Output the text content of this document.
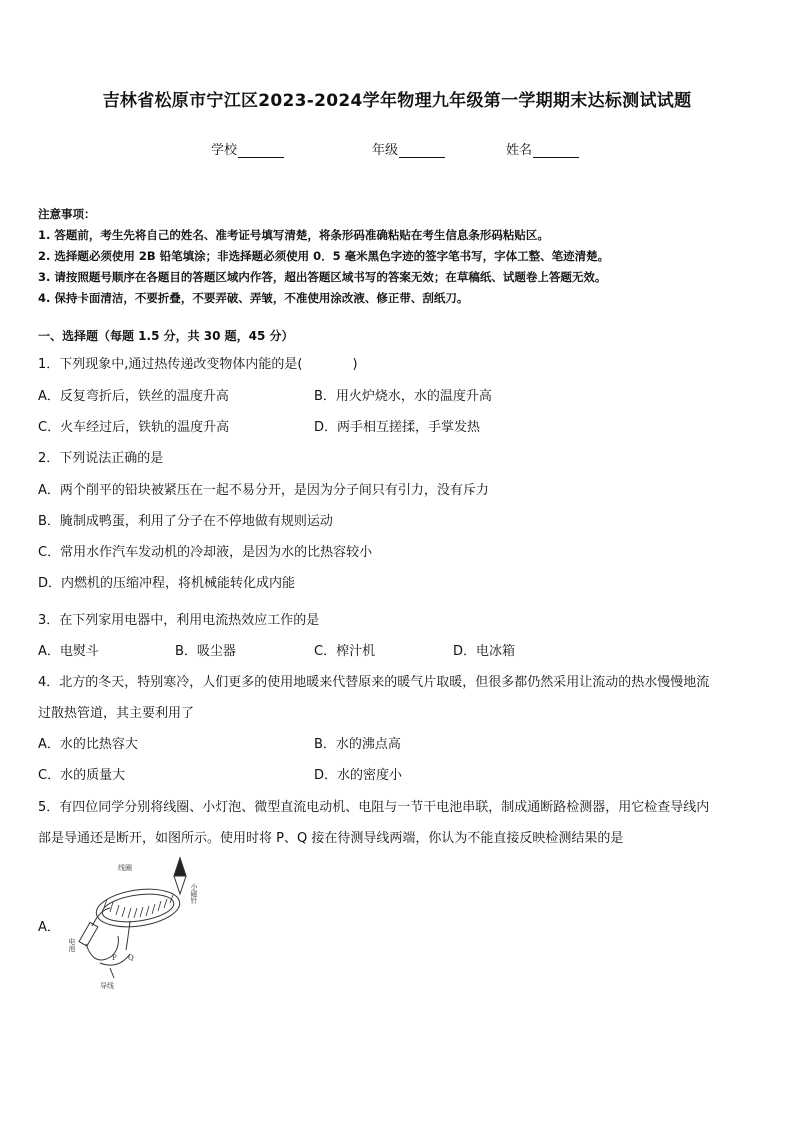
吉林省松原市宁江区2023-2024学年物理九年级第一学期期末达标测试试题
学校	年级	姓名
注意事项：
1. 答题前，考生先将自己的姓名、准考证号填写清楚，将条形码准确粘贴在考生信息条形码粘贴区。
2. 选择题必须使用 2B 铅笔填涂；非选择题必须使用 0．5 毫米黑色字迹的签字笔书写，字体工整、笔迹清楚。
3. 请按照题号顺序在各题目的答题区域内作答，超出答题区域书写的答案无效；在草稿纸、试题卷上答题无效。
4. 保持卡面清洁，不要折叠，不要弄破、弄皱，不准使用涂改液、修正带、刮纸刀。
一、选择题（每题 1.5 分，共 30 题，45 分）
1．下列现象中,通过热传递改变物体内能的是(	)
A．反复弯折后，铁丝的温度升高	B．用火炉烧水，水的温度升高
C．火车经过后，铁轨的温度升高	D．两手相互搓揉，手掌发热
2．下列说法正确的是
A．两个削平的铅块被紧压在一起不易分开，是因为分子间只有引力，没有斥力
B．腌制成鸭蛋，利用了分子在不停地做有规则运动
C．常用水作汽车发动机的冷却液，是因为水的比热容较小
D．内燃机的压缩冲程，将机械能转化成内能
3．在下列家用电器中，利用电流热效应工作的是
A．电熨斗	B．吸尘器	C．榨汁机	D．电冰箱
4．北方的冬天，特别寒冷，人们更多的使用地暖来代替原来的暖气片取暖，但很多都仍然采用让流动的热水慢慢地流
过散热管道，其主要利用了
A．水的比热容大	B．水的沸点高
C．水的质量大	D．水的密度小
5．有四位同学分别将线圈、小灯泡、微型直流电动机、电阻与一节干电池串联，制成通断路检测器，用它检查导线内
部是导通还是断开，如图所示。使用时将 P、Q 接在待测导线两端，你认为不能直接反映检测结果的是
A．
线圈
小磁针
电池
导线
P Q
